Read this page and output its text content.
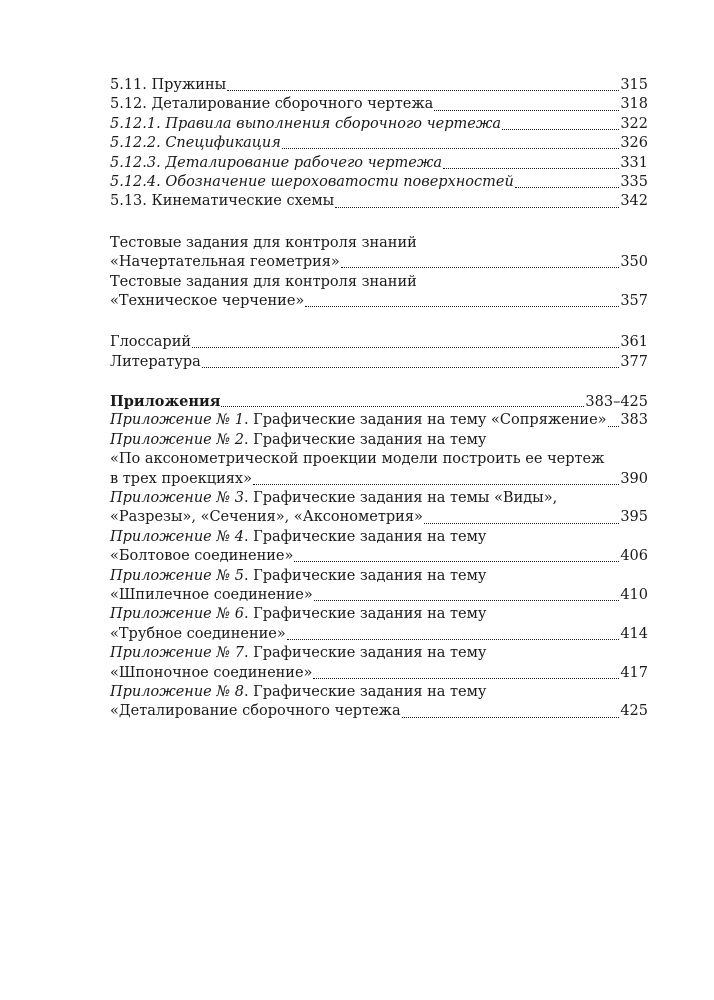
5.11. Пружины	315
5.12. Деталирование сборочного чертежа	318
5.12.1. Правила выполнения сборочного чертежа	322
5.12.2. Спецификация	326
5.12.3. Деталирование рабочего чертежа	331
5.12.4. Обозначение шероховатости поверхностей	335
5.13. Кинематические схемы	342
Тестовые задания для контроля знаний
«Начертательная геометрия»	350
Тестовые задания для контроля знаний
«Техническое черчение»	357
Глоссарий	361
Литература	377
Приложения	383–425
Приложение № 1. Графические задания на тему «Сопряжение» 383
Приложение № 2. Графические задания на тему
«По аксонометрической проекции модели построить ее чертеж
в трех проекциях»	390
Приложение № 3. Графические задания на темы «Виды»,
«Разрезы», «Сечения», «Аксонометрия»	395
Приложение № 4. Графические задания на тему
«Болтовое соединение»	406
Приложение № 5. Графические задания на тему
«Шпилечное соединение»	410
Приложение № 6. Графические задания на тему
«Трубное соединение»	414
Приложение № 7. Графические задания на тему
«Шпоночное соединение»	417
Приложение № 8. Графические задания на тему
«Деталирование сборочного чертежа	425
